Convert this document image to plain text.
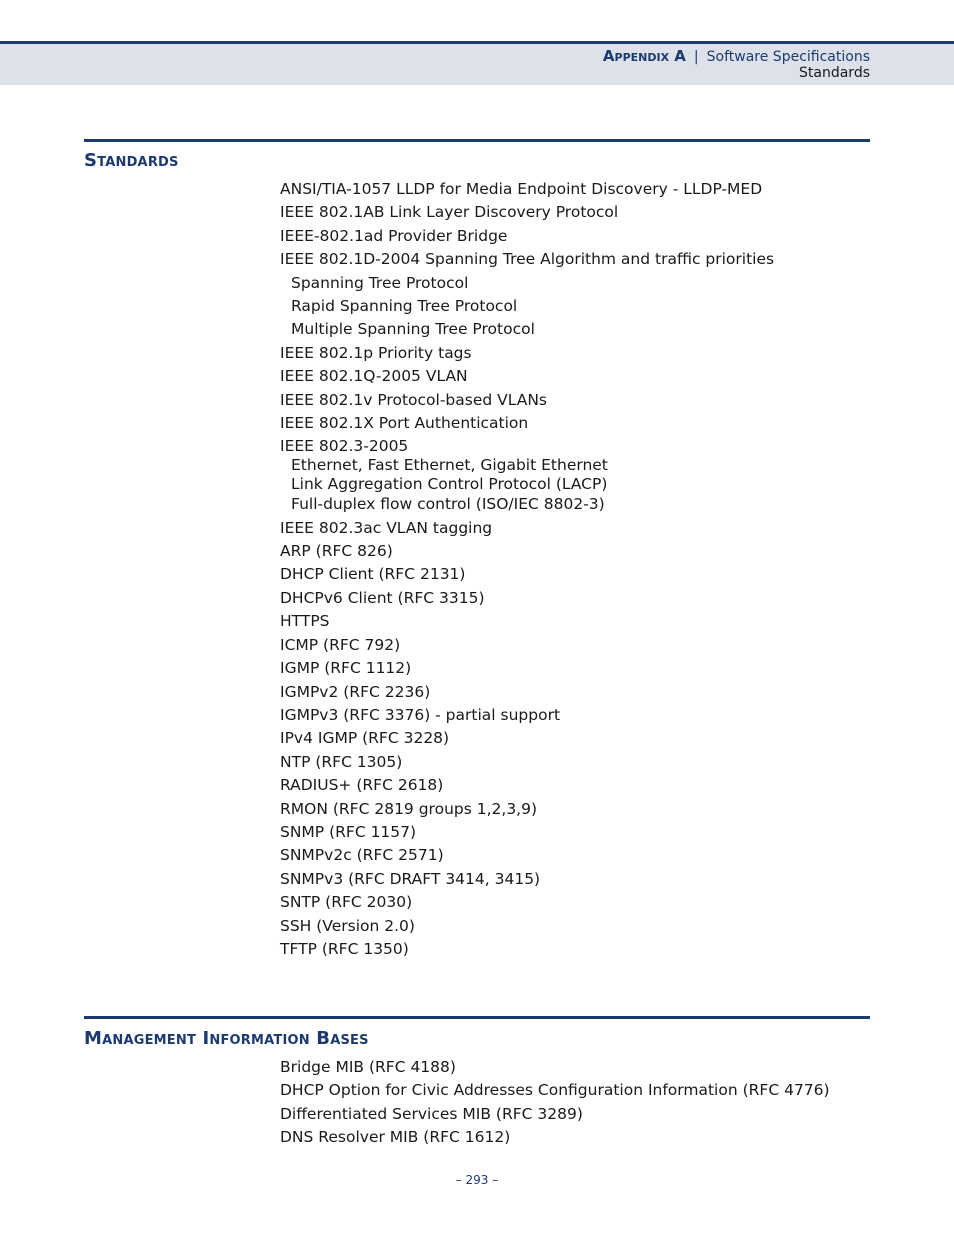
Appendix A | Software Specifications
Standards
Standards
ANSI/TIA-1057 LLDP for Media Endpoint Discovery - LLDP-MED
IEEE 802.1AB Link Layer Discovery Protocol
IEEE-802.1ad Provider Bridge
IEEE 802.1D-2004 Spanning Tree Algorithm and traffic priorities
Spanning Tree Protocol
Rapid Spanning Tree Protocol
Multiple Spanning Tree Protocol
IEEE 802.1p Priority tags
IEEE 802.1Q-2005 VLAN
IEEE 802.1v Protocol-based VLANs
IEEE 802.1X Port Authentication
IEEE 802.3-2005
Ethernet, Fast Ethernet, Gigabit Ethernet
Link Aggregation Control Protocol (LACP)
Full-duplex flow control (ISO/IEC 8802-3)
IEEE 802.3ac VLAN tagging
ARP (RFC 826)
DHCP Client (RFC 2131)
DHCPv6 Client (RFC 3315)
HTTPS
ICMP (RFC 792)
IGMP (RFC 1112)
IGMPv2 (RFC 2236)
IGMPv3 (RFC 3376) - partial support
IPv4 IGMP (RFC 3228)
NTP (RFC 1305)
RADIUS+ (RFC 2618)
RMON (RFC 2819 groups 1,2,3,9)
SNMP (RFC 1157)
SNMPv2c (RFC 2571)
SNMPv3 (RFC DRAFT 3414, 3415)
SNTP (RFC 2030)
SSH (Version 2.0)
TFTP (RFC 1350)
Management Information Bases
Bridge MIB (RFC 4188)
DHCP Option for Civic Addresses Configuration Information (RFC 4776)
Differentiated Services MIB (RFC 3289)
DNS Resolver MIB (RFC 1612)
– 293 –
